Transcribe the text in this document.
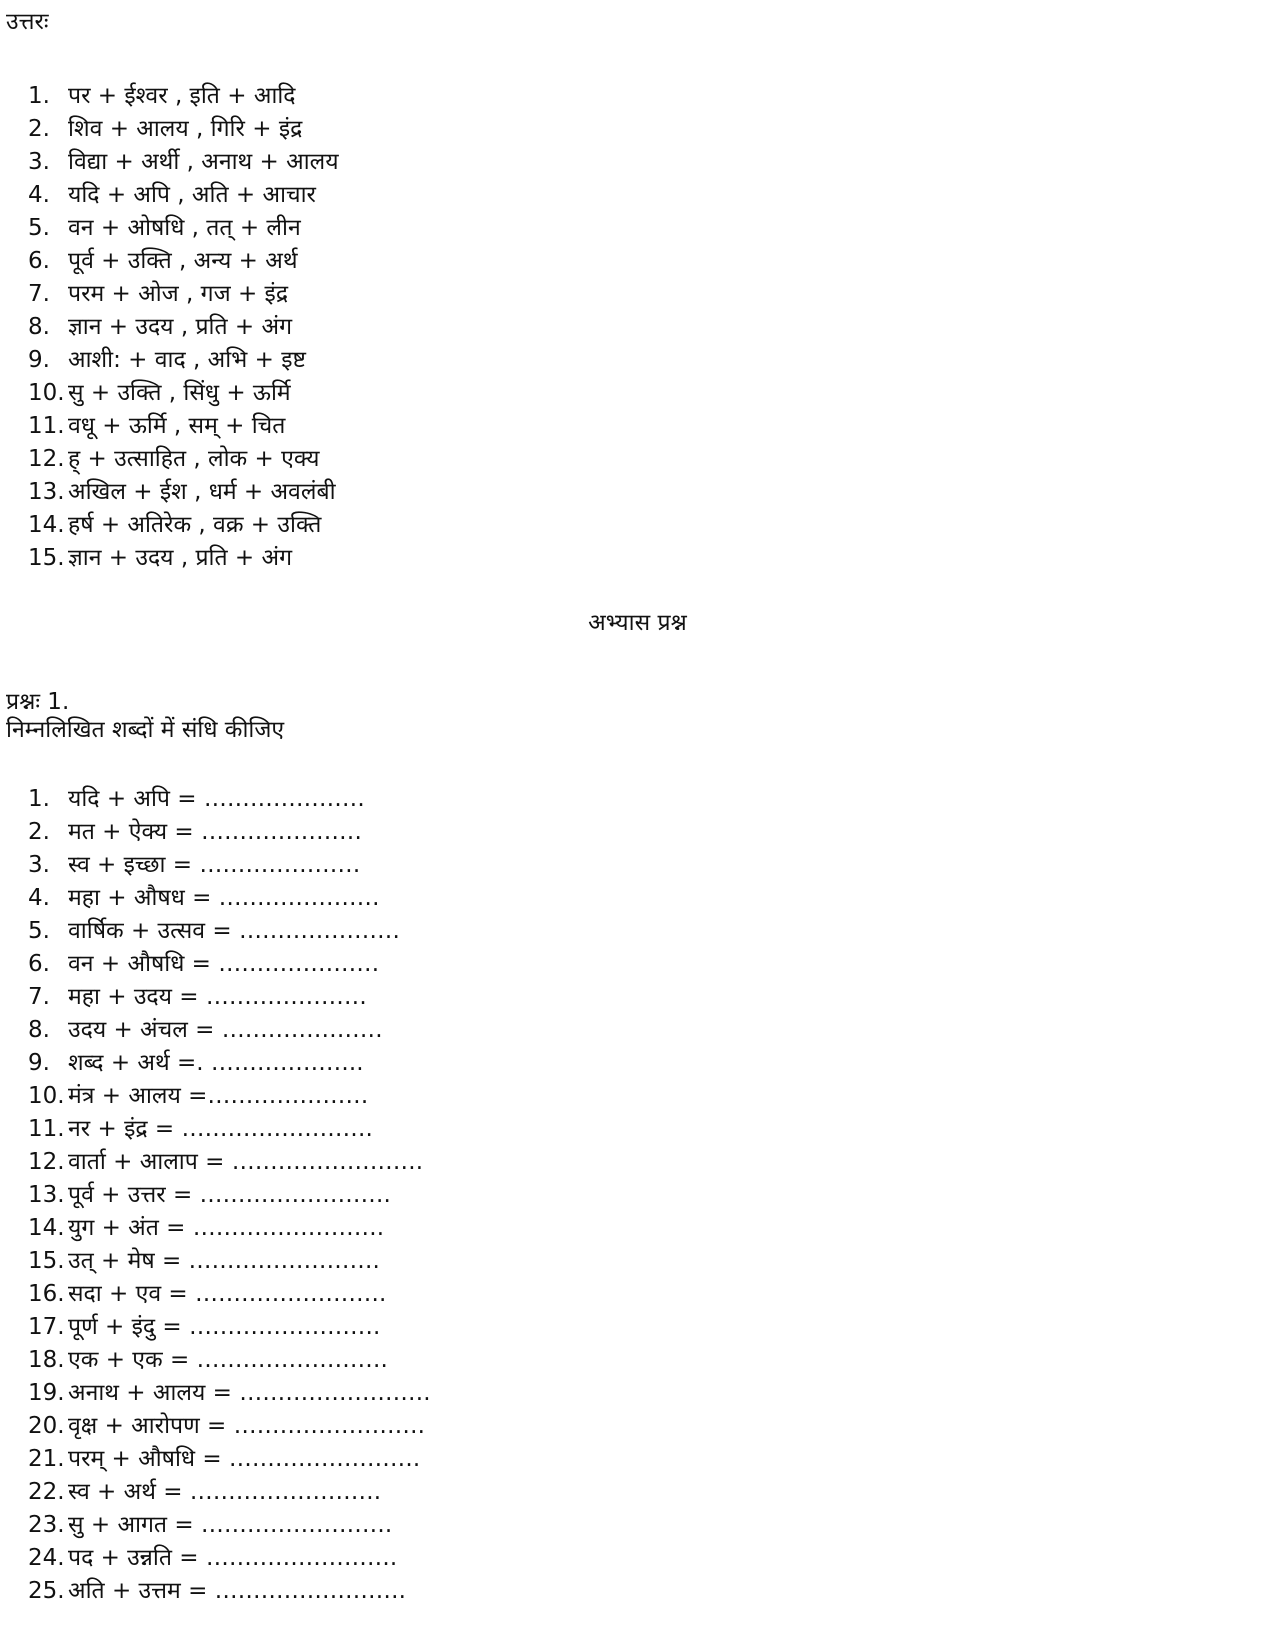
उत्तरः
1. पर + ईश्वर , इति + आदि
2. शिव + आलय , गिरि + इंद्र
3. विद्या + अर्थी , अनाथ + आलय
4. यदि + अपि , अति + आचार
5. वन + ओषधि , तत् + लीन
6. पूर्व + उक्ति , अन्य + अर्थ
7. परम + ओज , गज + इंद्र
8. ज्ञान + उदय , प्रति + अंग
9. आशी: + वाद , अभि + इष्ट
10. सु + उक्ति , सिंधु + ऊर्मि
11. वधू + ऊर्मि , सम् + चित
12. ह् + उत्साहित , लोक + एक्य
13. अखिल + ईश , धर्म + अवलंबी
14. हर्ष + अतिरेक , वक्र + उक्ति
15. ज्ञान + उदय , प्रति + अंग
अभ्यास प्रश्न
प्रश्नः 1.
निम्नलिखित शब्दों में संधि कीजिए
1. यदि + अपि = …………………
2. मत + ऐक्य = …………………
3. स्व + इच्छा = …………………
4. महा + औषध = …………………
5. वार्षिक + उत्सव = …………………
6. वन + औषधि = …………………
7. महा + उदय = …………………
8. उदय + अंचल = …………………
9. शब्द + अर्थ =. ………………..
10. मंत्र + आलय =…………………
11. नर + इंद्र = …………………….
12. वार्ता + आलाप = …………………….
13. पूर्व + उत्तर = …………………….
14. युग + अंत = …………………….
15. उत् + मेष = …………………….
16. सदा + एव = …………………….
17. पूर्ण + इंदु = …………………….
18. एक + एक = …………………….
19. अनाथ + आलय = …………………….
20. वृक्ष + आरोपण = …………………….
21. परम् + औषधि = …………………….
22. स्व + अर्थ = …………………….
23. सु + आगत = …………………….
24. पद + उन्नति = …………………….
25. अति + उत्तम = …………………….
